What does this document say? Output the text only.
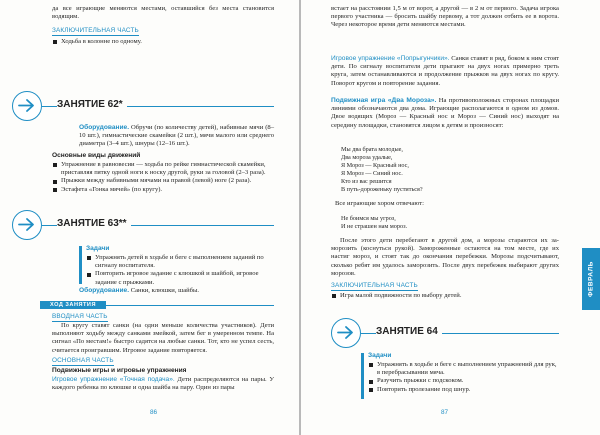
да все играющие меняются местами, оставшийся без места становится водящим.

ЗАКЛЮЧИТЕЛЬНАЯ ЧАСТЬ
Ходьба в колонне по одному.
ЗАНЯТИЕ 62*

Оборудование. Обручи (по количеству детей), набивные мячи (8–10 шт.), гимнастические скамейки (2 шт.), мячи малого или среднего диаметра (3–4 шт.), шнуры (12–16 шт.).

Основные виды движений
Упражнение в равновесии — ходьба по рейке гимнастической скамейки, приставляя пятку одной ноги к носку другой, руки за головой (2–3 раза).
Прыжки между набивными мячами на правой (левой) ноге (2 раза).
Эстафета «Гонка мячей» (по кругу).
ЗАНЯТИЕ 63**
Задачи
Упражнять детей в ходьбе и беге с выполнением заданий по сигналу воспитателя.
Повторить игровое задание с клюшкой и шайбой, игровое задание с прыжками.

Оборудование. Санки, клюшки, шайбы.

ХОД ЗАНЯТИЯ
ВВОДНАЯ ЧАСТЬ

По кругу ставят санки (на одни меньше количества участников). Дети выполняют ходьбу между санками змейкой, затем бег в умеренном темпе. На сигнал «По местам!» быстро садятся на любые санки. Тот, кто не успел сесть, считается проигравшим. Игровое задание повторяется.

ОСНОВНАЯ ЧАСТЬ
Подвижные игры и игровые упражнения

Игровое упражнение «Точная подача». Дети распределяются на пары. У каждого ребенка по клюшке и одна шайба на пару. Один из пары

86

встает на расстоянии 1,5 м от ворот, а другой — в 2 м от первого. Задача игрока первого участника — бросить шайбу первому, а тот должен отбить ее в ворота. Через некоторое время дети меняются местами.

Игровое упражнение «Попрыгунчики». Санки ставят в ряд, боком к ним стоят дети. По сигналу воспитателя дети прыгают на двух ногах примерно треть круга, затем останавливаются и продолжение прыжков на двух ногах по кругу. Поворот кругом и повторение задания.

Подвижная игра «Два Мороза». На противоположных сторонах площадки линиями обозначаются два дома. Играющие располагаются в одном из домов. Двое водящих (Мороз — Красный нос и Мороз — Синий нос) выходят на середину площадки, становятся лицом к детям и произносят:

Мы два брата молодые,
Два мороза удалые,
Я Мороз — Красный нос,
Я Мороз — Синий нос.
Кто из вас решится
В путь-дороженьку пуститься?

Все играющие хором отвечают:

Не боимся мы угроз,
И не страшен нам мороз.

После этого дети перебегают в другой дом, а морозы стараются их заморозить (коснуться рукой). Замороженные остаются на том месте, где их настиг мороз, и стоят так до окончания перебежки. Морозы подсчитывают, сколько ребят им удалось заморозить. После двух перебежек выбирают других морозов.

ЗАКЛЮЧИТЕЛЬНАЯ ЧАСТЬ
Игра малой подвижности по выбору детей.
ЗАНЯТИЕ 64
Задачи
Упражнять в ходьбе и беге с выполнением упражнений для рук, в перебрасывании мяча.
Разучить прыжки с подскоком.
Повторить пролезание под шнур.
ФЕВРАЛЬ
87
